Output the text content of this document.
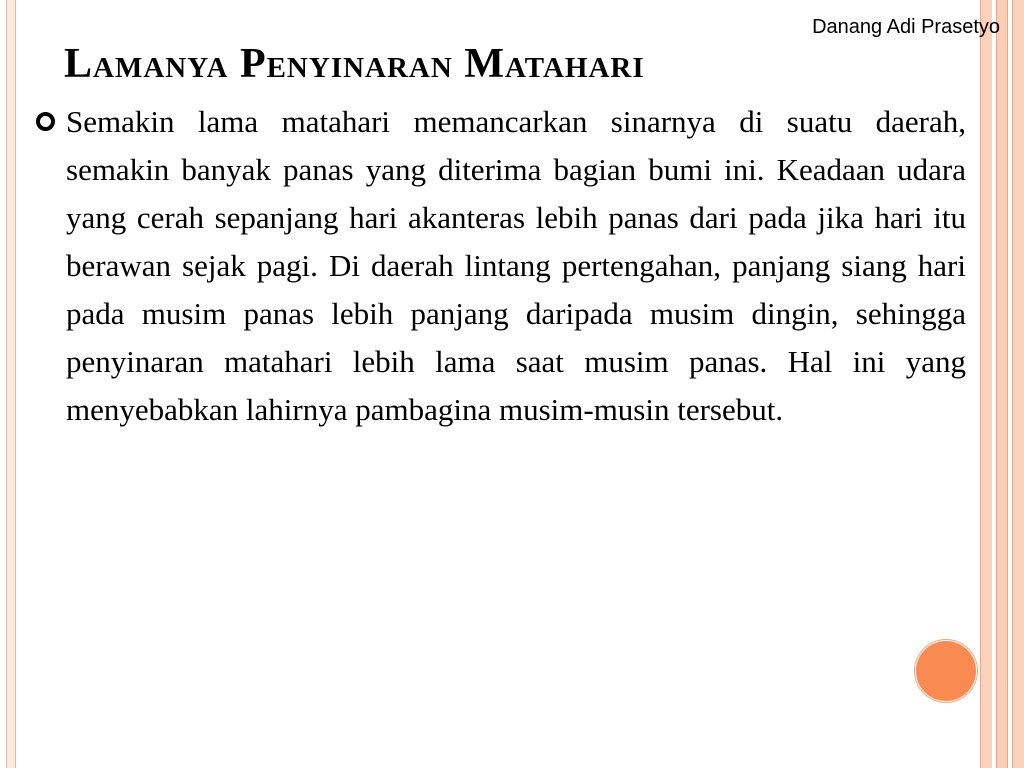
Danang Adi Prasetyo
Lamanya Penyinaran Matahari
Semakin lama matahari memancarkan sinarnya di suatu daerah, semakin banyak panas yang diterima bagian bumi ini. Keadaan udara yang cerah sepanjang hari akanteras lebih panas dari pada jika hari itu berawan sejak pagi. Di daerah lintang pertengahan, panjang siang hari pada musim panas lebih panjang daripada musim dingin, sehingga penyinaran matahari lebih lama saat musim panas. Hal ini yang menyebabkan lahirnya pambagina musim-musin tersebut.
